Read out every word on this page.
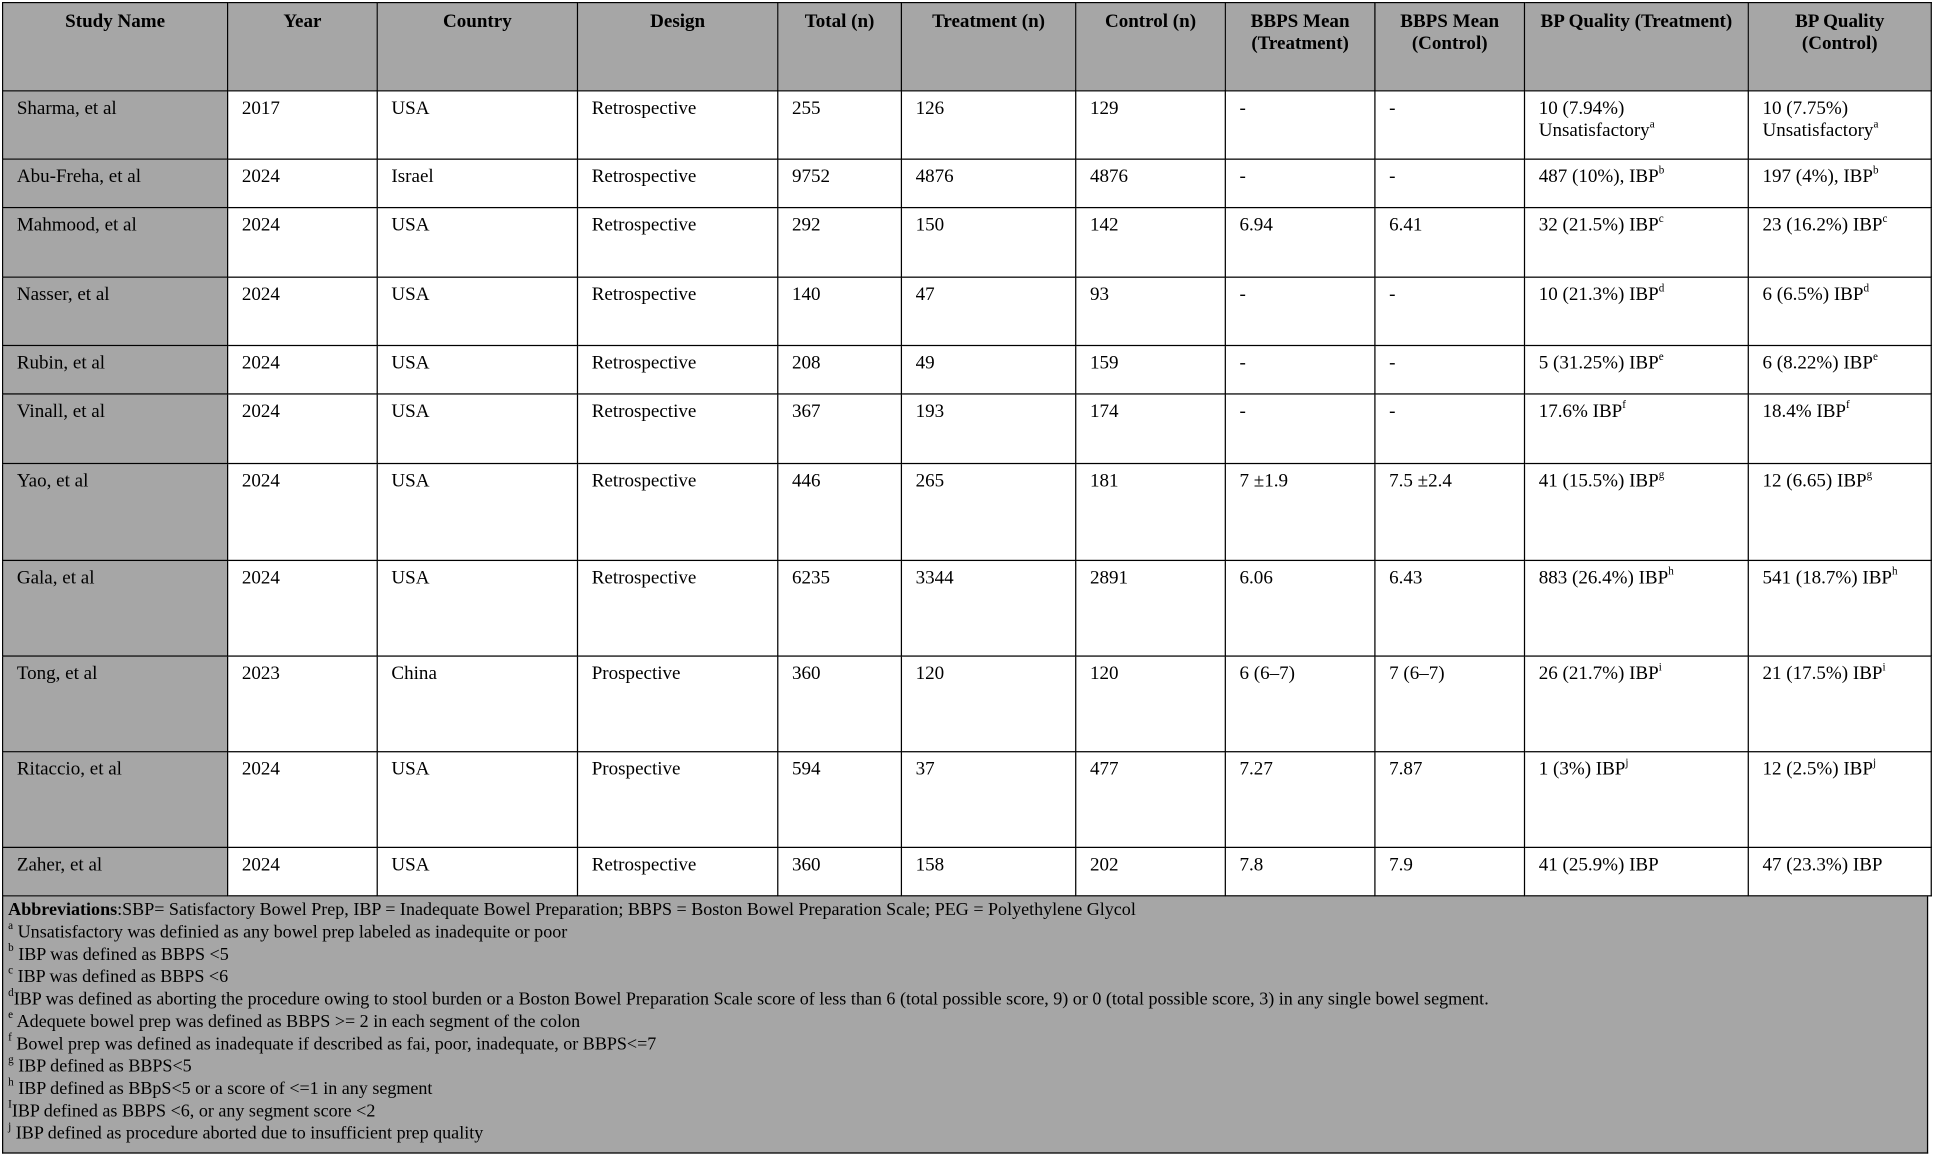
Study Name	Year	Country	Design	Total (n)	Treatment (n)	Control (n)	BBPS Mean (Treatment)	BBPS Mean (Control)	BP Quality (Treatment)	BP Quality (Control)
Sharma, et al	2017	USA	Retrospective	255	126	129	-	-	10 (7.94%) Unsatisfactory$^a$	10 (7.75%) Unsatisfactory$^a$
Abu-Freha, et al	2024	Israel	Retrospective	9752	4876	4876	-	-	487 (10%), IBP$^b$	197 (4%), IBP$^b$
Mahmood, et al	2024	USA	Retrospective	292	150	142	6.94	6.41	32 (21.5%) IBP$^c$	23 (16.2%) IBP$^c$
Nasser, et al	2024	USA	Retrospective	140	47	93	-	-	10 (21.3%) IBP$^d$	6 (6.5%) IBP$^d$
Rubin, et al	2024	USA	Retrospective	208	49	159	-	-	5 (31.25%) IBP$^e$	6 (8.22%) IBP$^e$
Vinall, et al	2024	USA	Retrospective	367	193	174	-	-	17.6% IBP$^f$	18.4% IBP$^f$
Yao, et al	2024	USA	Retrospective	446	265	181	7 ±1.9	7.5 ±2.4	41 (15.5%) IBP$^g$	12 (6.65) IBP$^g$
Gala, et al	2024	USA	Retrospective	6235	3344	2891	6.06	6.43	883 (26.4%) IBP$^h$	541 (18.7%) IBP$^h$
Tong, et al	2023	China	Prospective	360	120	120	6 (6–7)	7 (6–7)	26 (21.7%) IBP$^i$	21 (17.5%) IBP$^i$
Ritaccio, et al	2024	USA	Prospective	594	37	477	7.27	7.87	1 (3%) IBP$^j$	12 (2.5%) IBP$^j$
Zaher, et al	2024	USA	Retrospective	360	158	202	7.8	7.9	41 (25.9%) IBP	47 (23.3%) IBP
Abbreviations:SBP= Satisfactory Bowel Prep, IBP = Inadequate Bowel Preparation; BBPS = Boston Bowel Preparation Scale; PEG = Polyethylene Glycol
$^a$ Unsatisfactory was definied as any bowel prep labeled as inadequite or poor
$^b$ IBP was defined as BBPS <5
$^c$ IBP was defined as BBPS <6
$^d$IBP was defined as aborting the procedure owing to stool burden or a Boston Bowel Preparation Scale score of less than 6 (total possible score, 9) or 0 (total possible score, 3) in any single bowel segment.
$^e$ Adequete bowel prep was defined as BBPS >= 2 in each segment of the colon
$^f$ Bowel prep was defined as inadequate if described as fai, poor, inadequate, or BBPS<=7
$^g$ IBP defined as BBPS<5
$^h$ IBP defined as BBpS<5 or a score of <=1 in any segment
$^I$IBP defined as BBPS <6, or any segment score <2
$^j$ IBP defined as procedure aborted due to insufficient prep quality
